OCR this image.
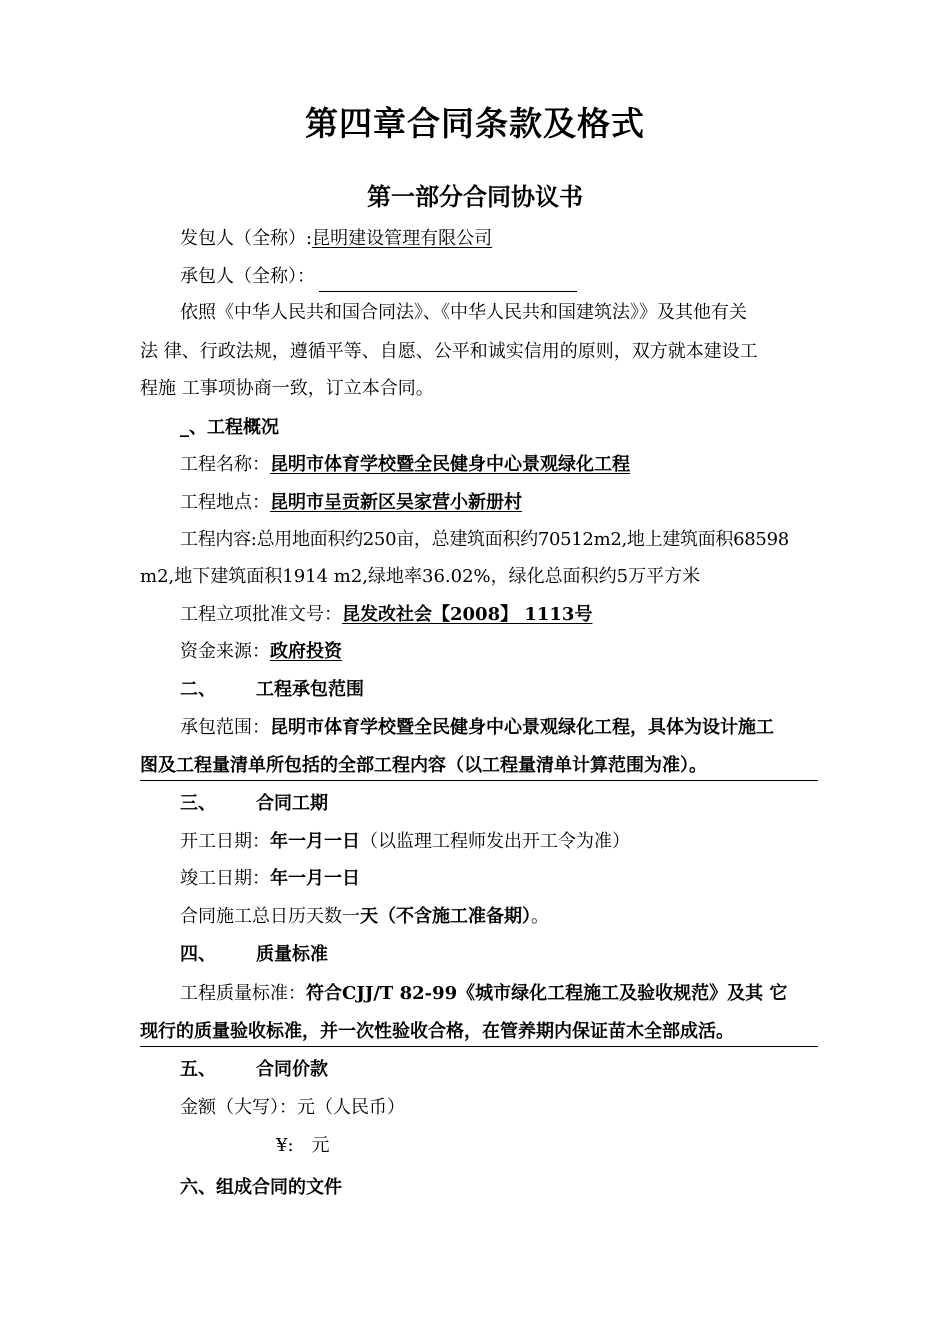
第四章合同条款及格式
第一部分合同协议书
发包人（全称）:昆明建设管理有限公司
承包人（全称）：
依照《中华人民共和国合同法》、《中华人民共和国建筑法》》及其他有关
法 律、行政法规，遵循平等、自愿、公平和诚实信用的原则，双方就本建设工
程施 工事项协商一致，订立本合同。
_、工程概况
工程名称：昆明市体育学校暨全民健身中心景观绿化工程
工程地点：昆明市呈贡新区吴家营小新册村
工程内容:总用地面积约250亩，总建筑面积约70512m2,地上建筑面积68598
m2,地下建筑面积1914 m2,绿地率36.02%，绿化总面积约5万平方米
工程立项批准文号：昆发改社会【2008】 1113号
资金来源：政府投资
二、 工程承包范围
承包范围：昆明市体育学校暨全民健身中心景观绿化工程，具体为设计施工
图及工程量清单所包括的全部工程内容（以工程量清单计算范围为准）。
三、 合同工期
开工日期：年一月一日（以监理工程师发出开工令为准）
竣工日期：年一月一日
合同施工总日历天数一天（不含施工准备期）。
四、 质量标准
工程质量标准：符合CJJ/T 82-99《城市绿化工程施工及验收规范》及其 它
现行的质量验收标准，并一次性验收合格，在管养期内保证苗木全部成活。
五、 合同价款
金额（大写）：元（人民币）
¥:　元
六、组成合同的文件
